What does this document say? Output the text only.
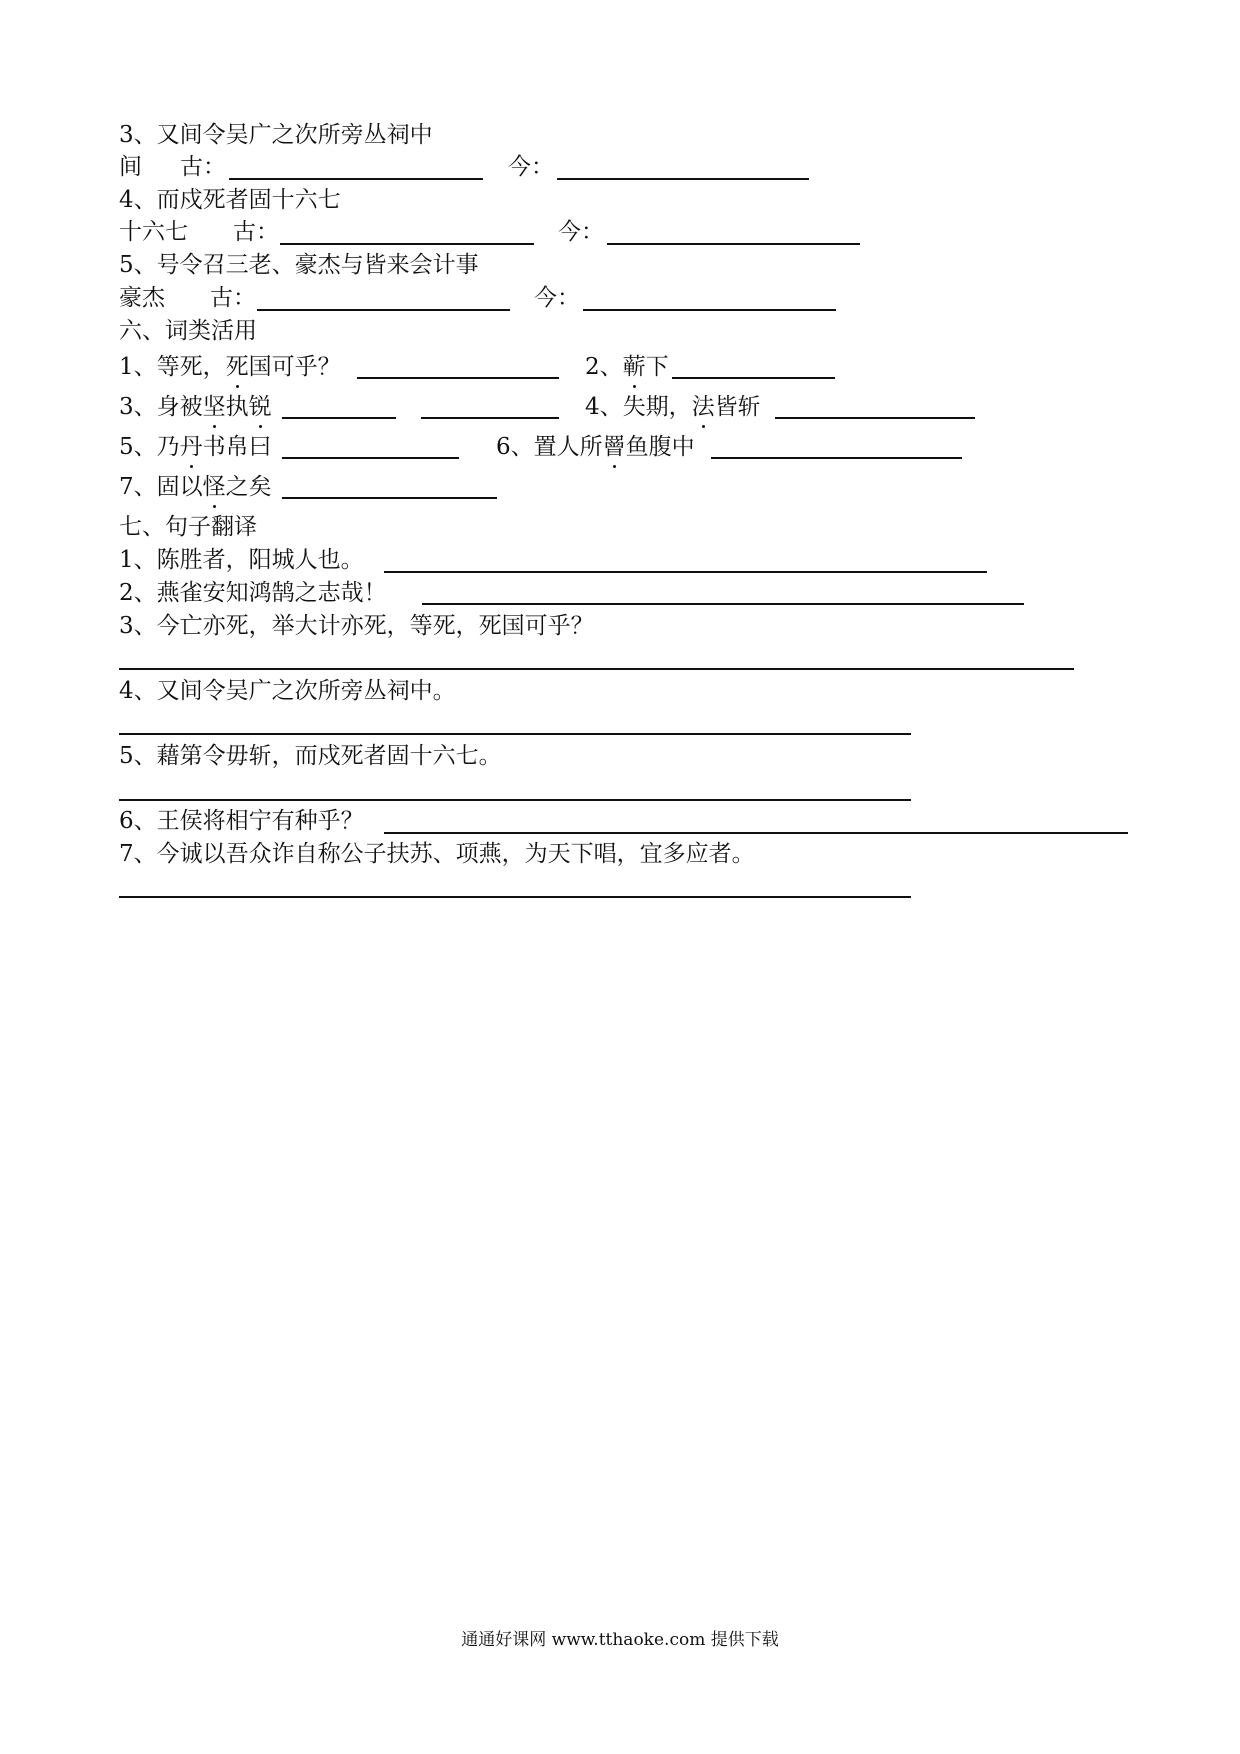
3、又间令吴广之次所旁丛祠中
间 古：	今：
4、而戍死者固十六七
十六七 古：	今：
5、号令召三老、豪杰与皆来会计事
豪杰 古：	今：
六、词类活用
1、等死，死国可乎？	2、蕲下
3、身被坚执锐	4、失期，法皆斩
5、乃丹书帛曰	6、置人所罾鱼腹中
7、固以怪之矣
七、句子翻译
1、陈胜者，阳城人也。
2、燕雀安知鸿鹄之志哉！
3、今亡亦死，举大计亦死，等死，死国可乎？
4、又间令吴广之次所旁丛祠中。
5、藉第令毋斩，而戍死者固十六七。
6、王侯将相宁有种乎？
7、今诚以吾众诈自称公子扶苏、项燕，为天下唱，宜多应者。
通通好课网 www.tthaoke.com 提供下载
